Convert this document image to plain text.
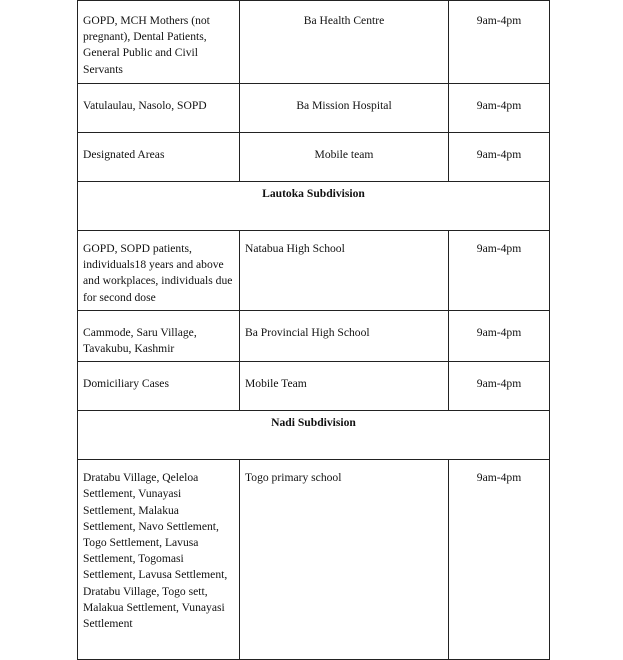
GOPD, MCH Mothers (not pregnant), Dental Patients, General Public and Civil Servants	Ba Health Centre	9am-4pm
Vatulaulau, Nasolo, SOPD	Ba Mission Hospital	9am-4pm
Designated Areas	Mobile team	9am-4pm
Lautoka Subdivision		
GOPD, SOPD patients, individuals18 years and above and workplaces, individuals due for second dose	Natabua High School	9am-4pm
Cammode, Saru Village, Tavakubu, Kashmir	Ba Provincial High School	9am-4pm
Domiciliary Cases	Mobile Team	9am-4pm
Nadi Subdivision		
Dratabu Village, Qeleloa Settlement, Vunayasi Settlement, Malakua Settlement, Navo Settlement, Togo Settlement, Lavusa Settlement, Togomasi Settlement, Lavusa Settlement, Dratabu Village, Togo sett, Malakua Settlement, Vunayasi Settlement	Togo primary school	9am-4pm
